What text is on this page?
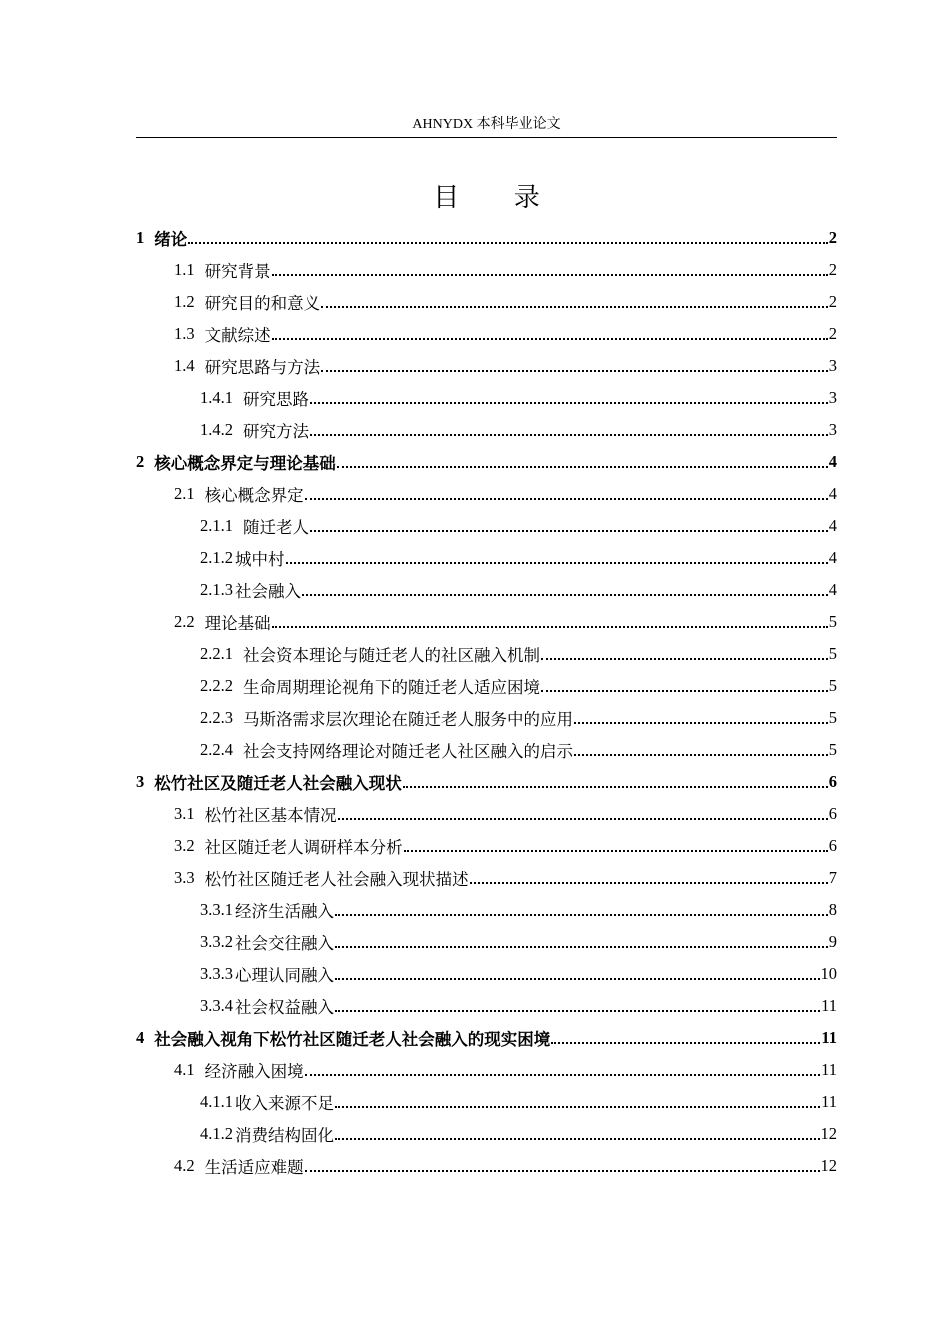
AHNYDX 本科毕业论文
目 录
1 绪论	2
1.1 研究背景	2
1.2 研究目的和意义	2
1.3 文献综述	2
1.4 研究思路与方法	3
1.4.1 研究思路	3
1.4.2 研究方法	3
2 核心概念界定与理论基础	4
2.1 核心概念界定	4
2.1.1 随迁老人	4
2.1.2 城中村	4
2.1.3 社会融入	4
2.2 理论基础	5
2.2.1 社会资本理论与随迁老人的社区融入机制	5
2.2.2 生命周期理论视角下的随迁老人适应困境	5
2.2.3 马斯洛需求层次理论在随迁老人服务中的应用	5
2.2.4 社会支持网络理论对随迁老人社区融入的启示	5
3 松竹社区及随迁老人社会融入现状	6
3.1 松竹社区基本情况	6
3.2 社区随迁老人调研样本分析	6
3.3 松竹社区随迁老人社会融入现状描述	7
3.3.1 经济生活融入	8
3.3.2 社会交往融入	9
3.3.3 心理认同融入	10
3.3.4 社会权益融入	11
4 社会融入视角下松竹社区随迁老人社会融入的现实困境	11
4.1 经济融入困境	11
4.1.1 收入来源不足	11
4.1.2 消费结构固化	12
4.2 生活适应难题	12
